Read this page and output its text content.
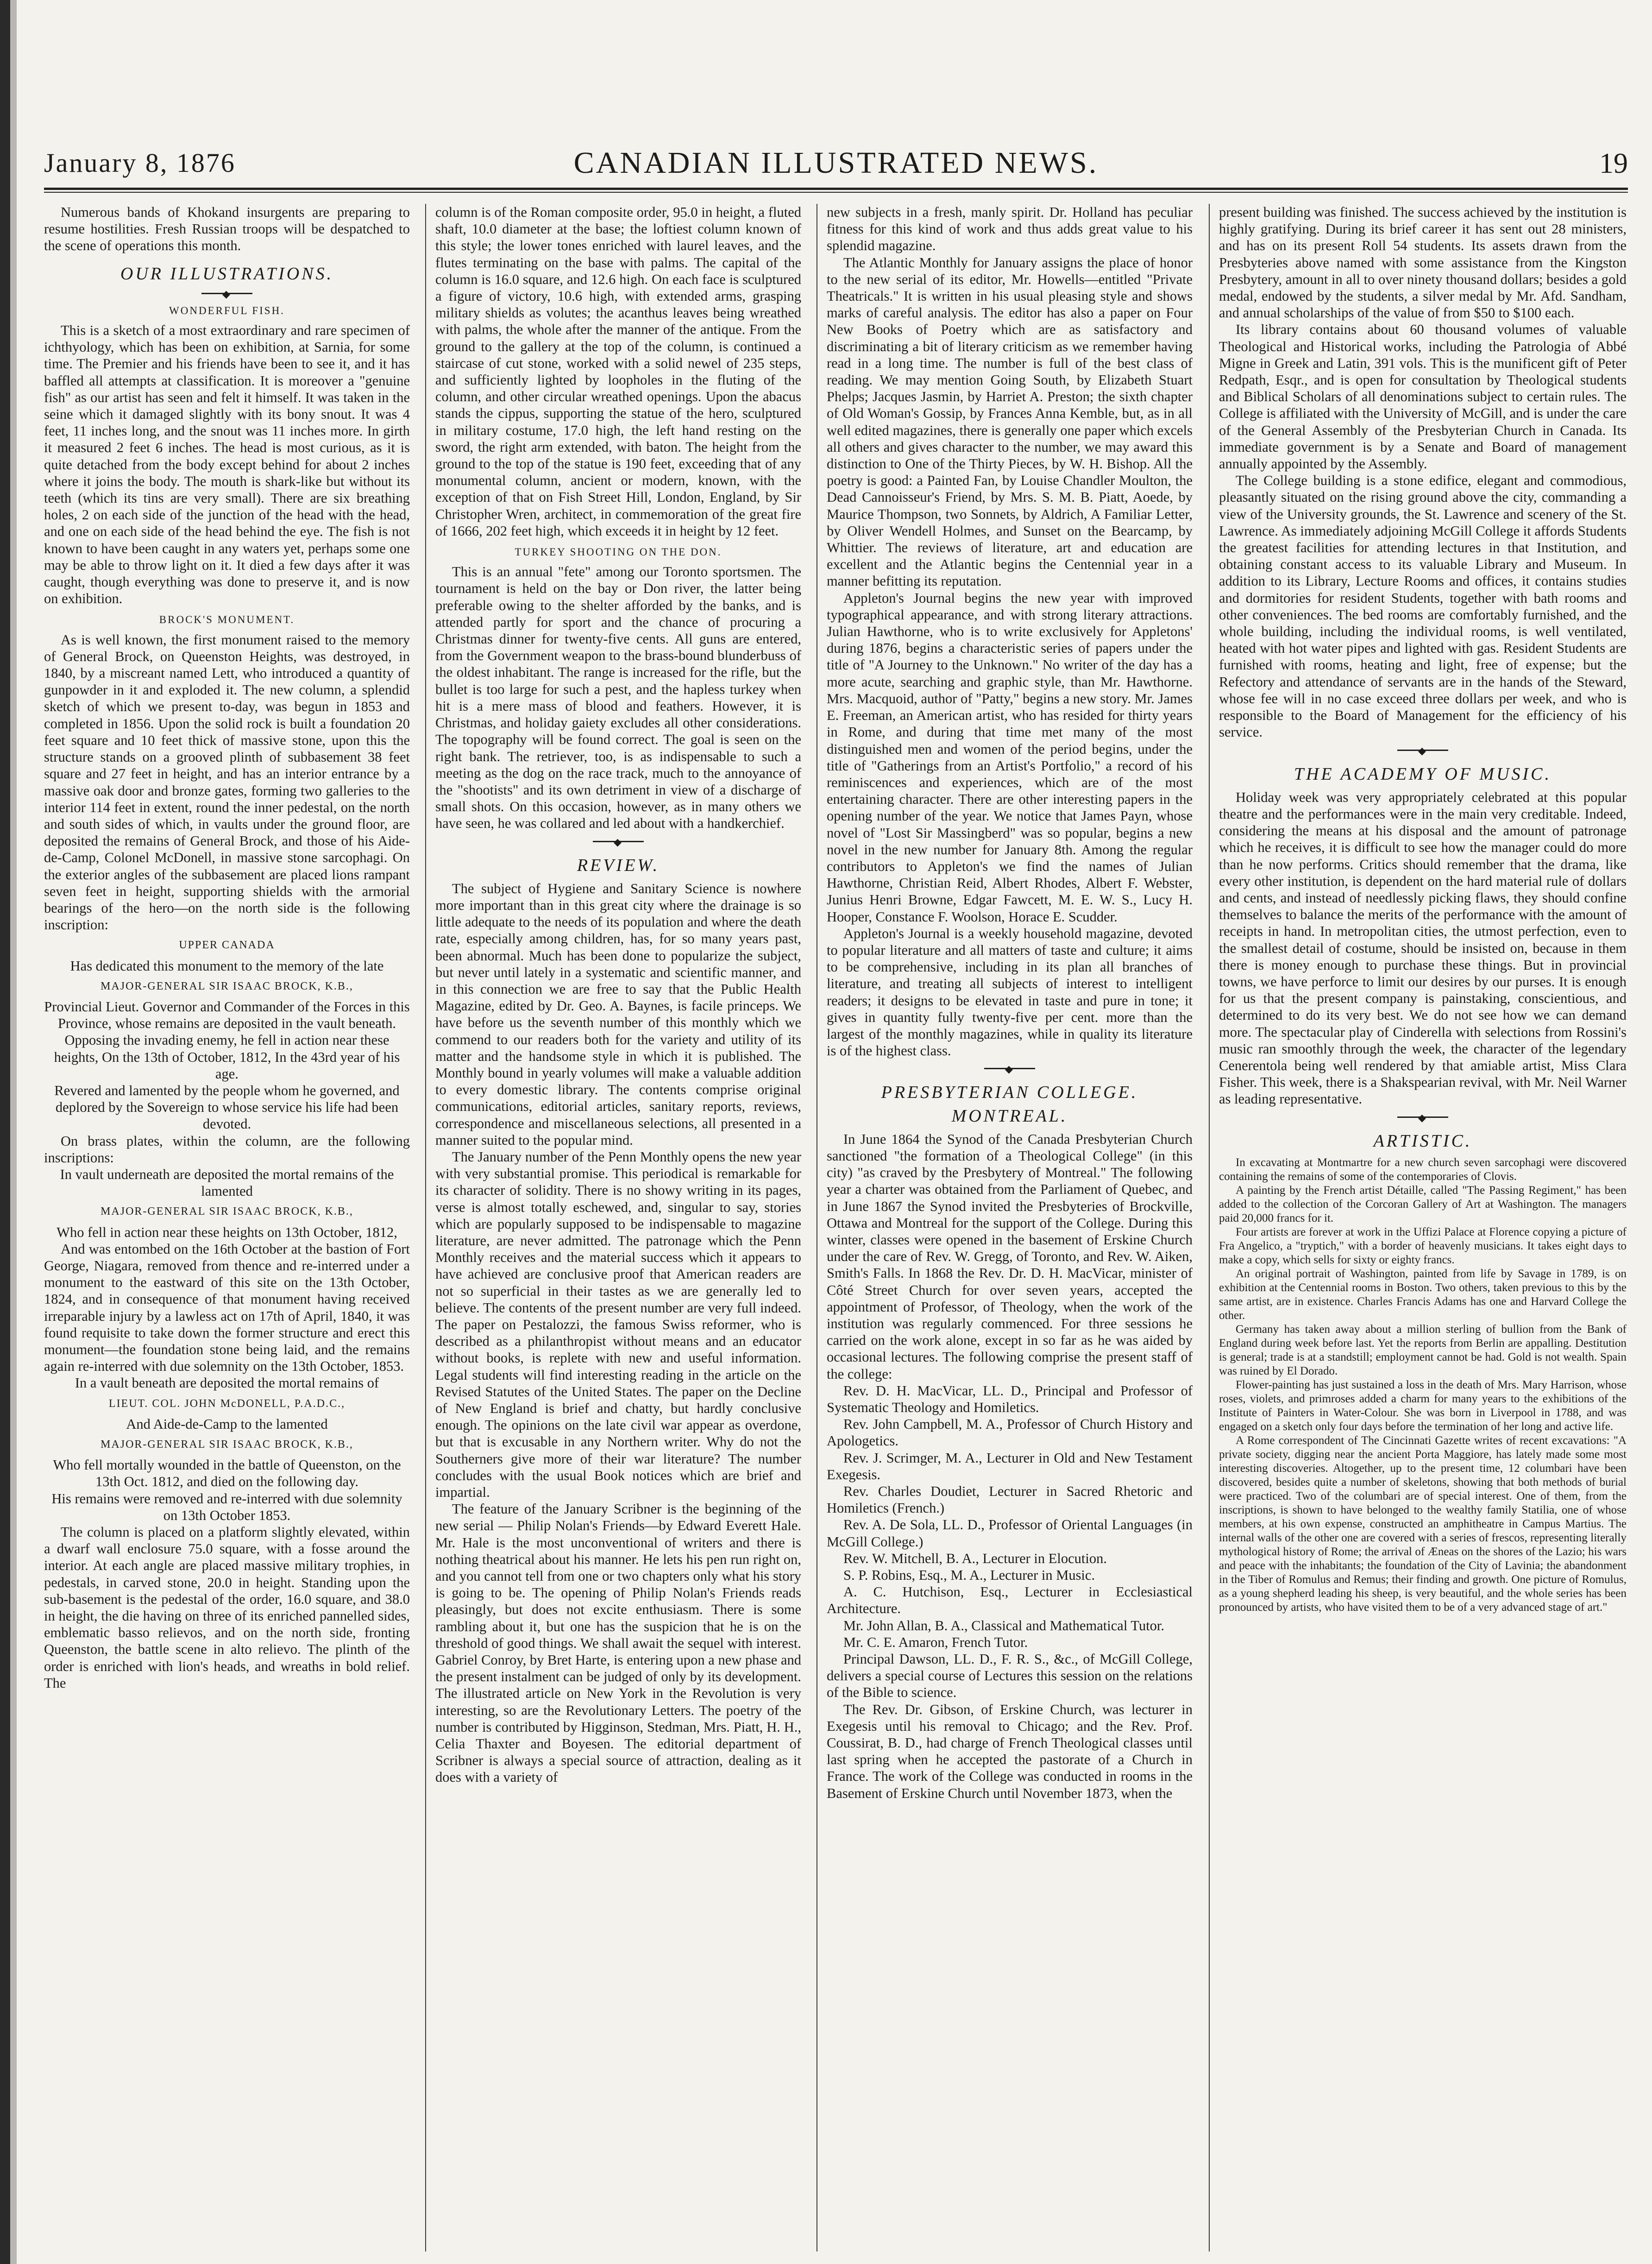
January 8, 1876	CANADIAN ILLUSTRATED NEWS.	19

Numerous bands of Khokand insurgents are preparing to resume hostilities. Fresh Russian troops will be despatched to the scene of operations this month.

OUR ILLUSTRATIONS.
◆
WONDERFUL FISH.

This is a sketch of a most extraordinary and rare specimen of ichthyology, which has been on exhibition, at Sarnia, for some time. The Premier and his friends have been to see it, and it has baffled all attempts at classification. It is moreover a "genuine fish" as our artist has seen and felt it himself. It was taken in the seine which it damaged slightly with its bony snout. It was 4 feet, 11 inches long, and the snout was 11 inches more. In girth it measured 2 feet 6 inches. The head is most curious, as it is quite detached from the body except behind for about 2 inches where it joins the body. The mouth is shark-like but without its teeth (which its tins are very small). There are six breathing holes, 2 on each side of the junction of the head with the head, and one on each side of the head behind the eye. The fish is not known to have been caught in any waters yet, perhaps some one may be able to throw light on it. It died a few days after it was caught, though everything was done to preserve it, and is now on exhibition.

BROCK'S MONUMENT.

As is well known, the first monument raised to the memory of General Brock, on Queenston Heights, was destroyed, in 1840, by a miscreant named Lett, who introduced a quantity of gunpowder in it and exploded it. The new column, a splendid sketch of which we present to-day, was begun in 1853 and completed in 1856. Upon the solid rock is built a foundation 20 feet square and 10 feet thick of massive stone, upon this the structure stands on a grooved plinth of subbasement 38 feet square and 27 feet in height, and has an interior entrance by a massive oak door and bronze gates, forming two galleries to the interior 114 feet in extent, round the inner pedestal, on the north and south sides of which, in vaults under the ground floor, are deposited the remains of General Brock, and those of his Aide-de-Camp, Colonel McDonell, in massive stone sarcophagi. On the exterior angles of the subbasement are placed lions rampant seven feet in height, supporting shields with the armorial bearings of the hero—on the north side is the following inscription:

UPPER CANADA
Has dedicated this monument to the memory of the late
MAJOR-GENERAL SIR ISAAC BROCK, K.B.,
Provincial Lieut. Governor and Commander of the Forces in this Province, whose remains are deposited in the vault beneath.
Opposing the invading enemy, he fell in action near these heights, On the 13th of October, 1812, In the 43rd year of his age.
Revered and lamented by the people whom he governed, and deplored by the Sovereign to whose service his life had been devoted.

On brass plates, within the column, are the following inscriptions:

In vault underneath are deposited the mortal remains of the lamented
MAJOR-GENERAL SIR ISAAC BROCK, K.B.,
Who fell in action near these heights on 13th October, 1812,

And was entombed on the 16th October at the bastion of Fort George, Niagara, removed from thence and re-interred under a monument to the eastward of this site on the 13th October, 1824, and in consequence of that monument having received irreparable injury by a lawless act on 17th of April, 1840, it was found requisite to take down the former structure and erect this monument—the foundation stone being laid, and the remains again re-interred with due solemnity on the 13th October, 1853.

In a vault beneath are deposited the mortal remains of
LIEUT. COL. JOHN McDONELL, P.A.D.C.,
And Aide-de-Camp to the lamented
MAJOR-GENERAL SIR ISAAC BROCK, K.B.,
Who fell mortally wounded in the battle of Queenston, on the 13th Oct. 1812, and died on the following day.
His remains were removed and re-interred with due solemnity on 13th October 1853.

The column is placed on a platform slightly elevated, within a dwarf wall enclosure 75.0 square, with a fosse around the interior. At each angle are placed massive military trophies, in pedestals, in carved stone, 20.0 in height. Standing upon the sub-basement is the pedestal of the order, 16.0 square, and 38.0 in height, the die having on three of its enriched pannelled sides, emblematic basso relievos, and on the north side, fronting Queenston, the battle scene in alto relievo. The plinth of the order is enriched with lion's heads, and wreaths in bold relief. The

column is of the Roman composite order, 95.0 in height, a fluted shaft, 10.0 diameter at the base; the loftiest column known of this style; the lower tones enriched with laurel leaves, and the flutes terminating on the base with palms. The capital of the column is 16.0 square, and 12.6 high. On each face is sculptured a figure of victory, 10.6 high, with extended arms, grasping military shields as volutes; the acanthus leaves being wreathed with palms, the whole after the manner of the antique. From the ground to the gallery at the top of the column, is continued a staircase of cut stone, worked with a solid newel of 235 steps, and sufficiently lighted by loopholes in the fluting of the column, and other circular wreathed openings. Upon the abacus stands the cippus, supporting the statue of the hero, sculptured in military costume, 17.0 high, the left hand resting on the sword, the right arm extended, with baton. The height from the ground to the top of the statue is 190 feet, exceeding that of any monumental column, ancient or modern, known, with the exception of that on Fish Street Hill, London, England, by Sir Christopher Wren, architect, in commemoration of the great fire of 1666, 202 feet high, which exceeds it in height by 12 feet.

TURKEY SHOOTING ON THE DON.

This is an annual "fete" among our Toronto sportsmen. The tournament is held on the bay or Don river, the latter being preferable owing to the shelter afforded by the banks, and is attended partly for sport and the chance of procuring a Christmas dinner for twenty-five cents. All guns are entered, from the Government weapon to the brass-bound blunderbuss of the oldest inhabitant. The range is increased for the rifle, but the bullet is too large for such a pest, and the hapless turkey when hit is a mere mass of blood and feathers. However, it is Christmas, and holiday gaiety excludes all other considerations. The topography will be found correct. The goal is seen on the right bank. The retriever, too, is as indispensable to such a meeting as the dog on the race track, much to the annoyance of the "shootists" and its own detriment in view of a discharge of small shots. On this occasion, however, as in many others we have seen, he was collared and led about with a handkerchief.

◆
REVIEW.

The subject of Hygiene and Sanitary Science is nowhere more important than in this great city where the drainage is so little adequate to the needs of its population and where the death rate, especially among children, has, for so many years past, been abnormal. Much has been done to popularize the subject, but never until lately in a systematic and scientific manner, and in this connection we are free to say that the Public Health Magazine, edited by Dr. Geo. A. Baynes, is facile princeps. We have before us the seventh number of this monthly which we commend to our readers both for the variety and utility of its matter and the handsome style in which it is published. The Monthly bound in yearly volumes will make a valuable addition to every domestic library. The contents comprise original communications, editorial articles, sanitary reports, reviews, correspondence and miscellaneous selections, all presented in a manner suited to the popular mind.

The January number of the Penn Monthly opens the new year with very substantial promise. This periodical is remarkable for its character of solidity. There is no showy writing in its pages, verse is almost totally eschewed, and, singular to say, stories which are popularly supposed to be indispensable to magazine literature, are never admitted. The patronage which the Penn Monthly receives and the material success which it appears to have achieved are conclusive proof that American readers are not so superficial in their tastes as we are generally led to believe. The contents of the present number are very full indeed. The paper on Pestalozzi, the famous Swiss reformer, who is described as a philanthropist without means and an educator without books, is replete with new and useful information. Legal students will find interesting reading in the article on the Revised Statutes of the United States. The paper on the Decline of New England is brief and chatty, but hardly conclusive enough. The opinions on the late civil war appear as overdone, but that is excusable in any Northern writer. Why do not the Southerners give more of their war literature? The number concludes with the usual Book notices which are brief and impartial.

The feature of the January Scribner is the beginning of the new serial — Philip Nolan's Friends—by Edward Everett Hale. Mr. Hale is the most unconventional of writers and there is nothing theatrical about his manner. He lets his pen run right on, and you cannot tell from one or two chapters only what his story is going to be. The opening of Philip Nolan's Friends reads pleasingly, but does not excite enthusiasm. There is some rambling about it, but one has the suspicion that he is on the threshold of good things. We shall await the sequel with interest. Gabriel Conroy, by Bret Harte, is entering upon a new phase and the present instalment can be judged of only by its development. The illustrated article on New York in the Revolution is very interesting, so are the Revolutionary Letters. The poetry of the number is contributed by Higginson, Stedman, Mrs. Piatt, H. H., Celia Thaxter and Boyesen. The editorial department of Scribner is always a special source of attraction, dealing as it does with a variety of

new subjects in a fresh, manly spirit. Dr. Holland has peculiar fitness for this kind of work and thus adds great value to his splendid magazine.

The Atlantic Monthly for January assigns the place of honor to the new serial of its editor, Mr. Howells—entitled "Private Theatricals." It is written in his usual pleasing style and shows marks of careful analysis. The editor has also a paper on Four New Books of Poetry which are as satisfactory and discriminating a bit of literary criticism as we remember having read in a long time. The number is full of the best class of reading. We may mention Going South, by Elizabeth Stuart Phelps; Jacques Jasmin, by Harriet A. Preston; the sixth chapter of Old Woman's Gossip, by Frances Anna Kemble, but, as in all well edited magazines, there is generally one paper which excels all others and gives character to the number, we may award this distinction to One of the Thirty Pieces, by W. H. Bishop. All the poetry is good: a Painted Fan, by Louise Chandler Moulton, the Dead Cannoisseur's Friend, by Mrs. S. M. B. Piatt, Aoede, by Maurice Thompson, two Sonnets, by Aldrich, A Familiar Letter, by Oliver Wendell Holmes, and Sunset on the Bearcamp, by Whittier. The reviews of literature, art and education are excellent and the Atlantic begins the Centennial year in a manner befitting its reputation.

Appleton's Journal begins the new year with improved typographical appearance, and with strong literary attractions. Julian Hawthorne, who is to write exclusively for Appletons' during 1876, begins a characteristic series of papers under the title of "A Journey to the Unknown." No writer of the day has a more acute, searching and graphic style, than Mr. Hawthorne. Mrs. Macquoid, author of "Patty," begins a new story. Mr. James E. Freeman, an American artist, who has resided for thirty years in Rome, and during that time met many of the most distinguished men and women of the period begins, under the title of "Gatherings from an Artist's Portfolio," a record of his reminiscences and experiences, which are of the most entertaining character. There are other interesting papers in the opening number of the year. We notice that James Payn, whose novel of "Lost Sir Massingberd" was so popular, begins a new novel in the new number for January 8th. Among the regular contributors to Appleton's we find the names of Julian Hawthorne, Christian Reid, Albert Rhodes, Albert F. Webster, Junius Henri Browne, Edgar Fawcett, M. E. W. S., Lucy H. Hooper, Constance F. Woolson, Horace E. Scudder.

Appleton's Journal is a weekly household magazine, devoted to popular literature and all matters of taste and culture; it aims to be comprehensive, including in its plan all branches of literature, and treating all subjects of interest to intelligent readers; it designs to be elevated in taste and pure in tone; it gives in quantity fully twenty-five per cent. more than the largest of the monthly magazines, while in quality its literature is of the highest class.

◆
PRESBYTERIAN COLLEGE.
MONTREAL.

In June 1864 the Synod of the Canada Presbyterian Church sanctioned "the formation of a Theological College" (in this city) "as craved by the Presbytery of Montreal." The following year a charter was obtained from the Parliament of Quebec, and in June 1867 the Synod invited the Presbyteries of Brockville, Ottawa and Montreal for the support of the College. During this winter, classes were opened in the basement of Erskine Church under the care of Rev. W. Gregg, of Toronto, and Rev. W. Aiken, Smith's Falls. In 1868 the Rev. Dr. D. H. MacVicar, minister of Côté Street Church for over seven years, accepted the appointment of Professor, of Theology, when the work of the institution was regularly commenced. For three sessions he carried on the work alone, except in so far as he was aided by occasional lectures. The following comprise the present staff of the college:

Rev. D. H. MacVicar, LL. D., Principal and Professor of Systematic Theology and Homiletics.

Rev. John Campbell, M. A., Professor of Church History and Apologetics.

Rev. J. Scrimger, M. A., Lecturer in Old and New Testament Exegesis.

Rev. Charles Doudiet, Lecturer in Sacred Rhetoric and Homiletics (French.)

Rev. A. De Sola, LL. D., Professor of Oriental Languages (in McGill College.)

Rev. W. Mitchell, B. A., Lecturer in Elocution.

S. P. Robins, Esq., M. A., Lecturer in Music.

A. C. Hutchison, Esq., Lecturer in Ecclesiastical Architecture.

Mr. John Allan, B. A., Classical and Mathematical Tutor.

Mr. C. E. Amaron, French Tutor.

Principal Dawson, LL. D., F. R. S., &c., of McGill College, delivers a special course of Lectures this session on the relations of the Bible to science.

The Rev. Dr. Gibson, of Erskine Church, was lecturer in Exegesis until his removal to Chicago; and the Rev. Prof. Coussirat, B. D., had charge of French Theological classes until last spring when he accepted the pastorate of a Church in France. The work of the College was conducted in rooms in the Basement of Erskine Church until November 1873, when the

present building was finished. The success achieved by the institution is highly gratifying. During its brief career it has sent out 28 ministers, and has on its present Roll 54 students. Its assets drawn from the Presbyteries above named with some assistance from the Kingston Presbytery, amount in all to over ninety thousand dollars; besides a gold medal, endowed by the students, a silver medal by Mr. Afd. Sandham, and annual scholarships of the value of from $50 to $100 each.

Its library contains about 60 thousand volumes of valuable Theological and Historical works, including the Patrologia of Abbé Migne in Greek and Latin, 391 vols. This is the munificent gift of Peter Redpath, Esqr., and is open for consultation by Theological students and Biblical Scholars of all denominations subject to certain rules. The College is affiliated with the University of McGill, and is under the care of the General Assembly of the Presbyterian Church in Canada. Its immediate government is by a Senate and Board of management annually appointed by the Assembly.

The College building is a stone edifice, elegant and commodious, pleasantly situated on the rising ground above the city, commanding a view of the University grounds, the St. Lawrence and scenery of the St. Lawrence. As immediately adjoining McGill College it affords Students the greatest facilities for attending lectures in that Institution, and obtaining constant access to its valuable Library and Museum. In addition to its Library, Lecture Rooms and offices, it contains studies and dormitories for resident Students, together with bath rooms and other conveniences. The bed rooms are comfortably furnished, and the whole building, including the individual rooms, is well ventilated, heated with hot water pipes and lighted with gas. Resident Students are furnished with rooms, heating and light, free of expense; but the Refectory and attendance of servants are in the hands of the Steward, whose fee will in no case exceed three dollars per week, and who is responsible to the Board of Management for the efficiency of his service.

◆
THE ACADEMY OF MUSIC.

Holiday week was very appropriately celebrated at this popular theatre and the performances were in the main very creditable. Indeed, considering the means at his disposal and the amount of patronage which he receives, it is difficult to see how the manager could do more than he now performs. Critics should remember that the drama, like every other institution, is dependent on the hard material rule of dollars and cents, and instead of needlessly picking flaws, they should confine themselves to balance the merits of the performance with the amount of receipts in hand. In metropolitan cities, the utmost perfection, even to the smallest detail of costume, should be insisted on, because in them there is money enough to purchase these things. But in provincial towns, we have perforce to limit our desires by our purses. It is enough for us that the present company is painstaking, conscientious, and determined to do its very best. We do not see how we can demand more. The spectacular play of Cinderella with selections from Rossini's music ran smoothly through the week, the character of the legendary Cenerentola being well rendered by that amiable artist, Miss Clara Fisher. This week, there is a Shakspearian revival, with Mr. Neil Warner as leading representative.

◆
ARTISTIC.

In excavating at Montmartre for a new church seven sarcophagi were discovered containing the remains of some of the contemporaries of Clovis.

A painting by the French artist Détaille, called "The Passing Regiment," has been added to the collection of the Corcoran Gallery of Art at Washington. The managers paid 20,000 francs for it.

Four artists are forever at work in the Uffizi Palace at Florence copying a picture of Fra Angelico, a "tryptich," with a border of heavenly musicians. It takes eight days to make a copy, which sells for sixty or eighty francs.

An original portrait of Washington, painted from life by Savage in 1789, is on exhibition at the Centennial rooms in Boston. Two others, taken previous to this by the same artist, are in existence. Charles Francis Adams has one and Harvard College the other.

Germany has taken away about a million sterling of bullion from the Bank of England during week before last. Yet the reports from Berlin are appalling. Destitution is general; trade is at a standstill; employment cannot be had. Gold is not wealth. Spain was ruined by El Dorado.

Flower-painting has just sustained a loss in the death of Mrs. Mary Harrison, whose roses, violets, and primroses added a charm for many years to the exhibitions of the Institute of Painters in Water-Colour. She was born in Liverpool in 1788, and was engaged on a sketch only four days before the termination of her long and active life.

A Rome correspondent of The Cincinnati Gazette writes of recent excavations: "A private society, digging near the ancient Porta Maggiore, has lately made some most interesting discoveries. Altogether, up to the present time, 12 columbari have been discovered, besides quite a number of skeletons, showing that both methods of burial were practiced. Two of the columbari are of special interest. One of them, from the inscriptions, is shown to have belonged to the wealthy family Statilia, one of whose members, at his own expense, constructed an amphitheatre in Campus Martius. The internal walls of the other one are covered with a series of frescos, representing literally mythological history of Rome; the arrival of Æneas on the shores of the Lazio; his wars and peace with the inhabitants; the foundation of the City of Lavinia; the abandonment in the Tiber of Romulus and Remus; their finding and growth. One picture of Romulus, as a young shepherd leading his sheep, is very beautiful, and the whole series has been pronounced by artists, who have visited them to be of a very advanced stage of art."
